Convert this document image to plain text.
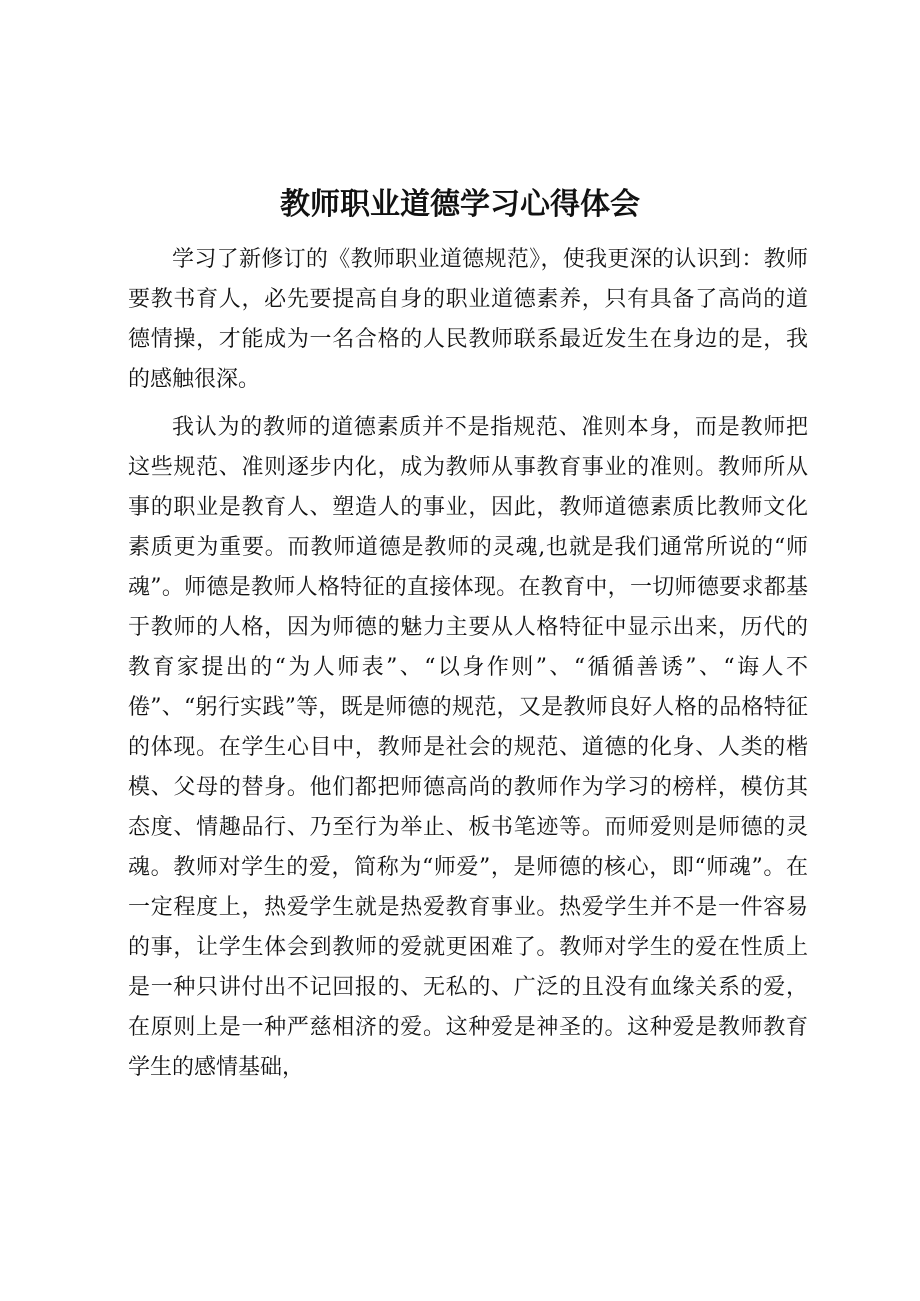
教师职业道德学习心得体会

学习了新修订的《教师职业道德规范》，使我更深的认识到：教师要教书育人，必先要提高自身的职业道德素养，只有具备了高尚的道德情操，才能成为一名合格的人民教师联系最近发生在身边的是，我的感触很深。

我认为的教师的道德素质并不是指规范、准则本身，而是教师把这些规范、准则逐步内化，成为教师从事教育事业的准则。教师所从事的职业是教育人、塑造人的事业，因此，教师道德素质比教师文化素质更为重要。而教师道德是教师的灵魂,也就是我们通常所说的“师魂”。师德是教师人格特征的直接体现。在教育中，一切师德要求都基于教师的人格，因为师德的魅力主要从人格特征中显示出来，历代的教育家提出的“为人师表”、“以身作则”、“循循善诱”、“诲人不倦”、“躬行实践”等，既是师德的规范，又是教师良好人格的品格特征的体现。在学生心目中，教师是社会的规范、道德的化身、人类的楷模、父母的替身。他们都把师德高尚的教师作为学习的榜样，模仿其态度、情趣品行、乃至行为举止、板书笔迹等。而师爱则是师德的灵魂。教师对学生的爱，简称为“师爱”，是师德的核心，即“师魂”。在一定程度上，热爱学生就是热爱教育事业。热爱学生并不是一件容易的事，让学生体会到教师的爱就更困难了。教师对学生的爱在性质上是一种只讲付出不记回报的、无私的、广泛的且没有血缘关系的爱，在原则上是一种严慈相济的爱。这种爱是神圣的。这种爱是教师教育学生的感情基础，
